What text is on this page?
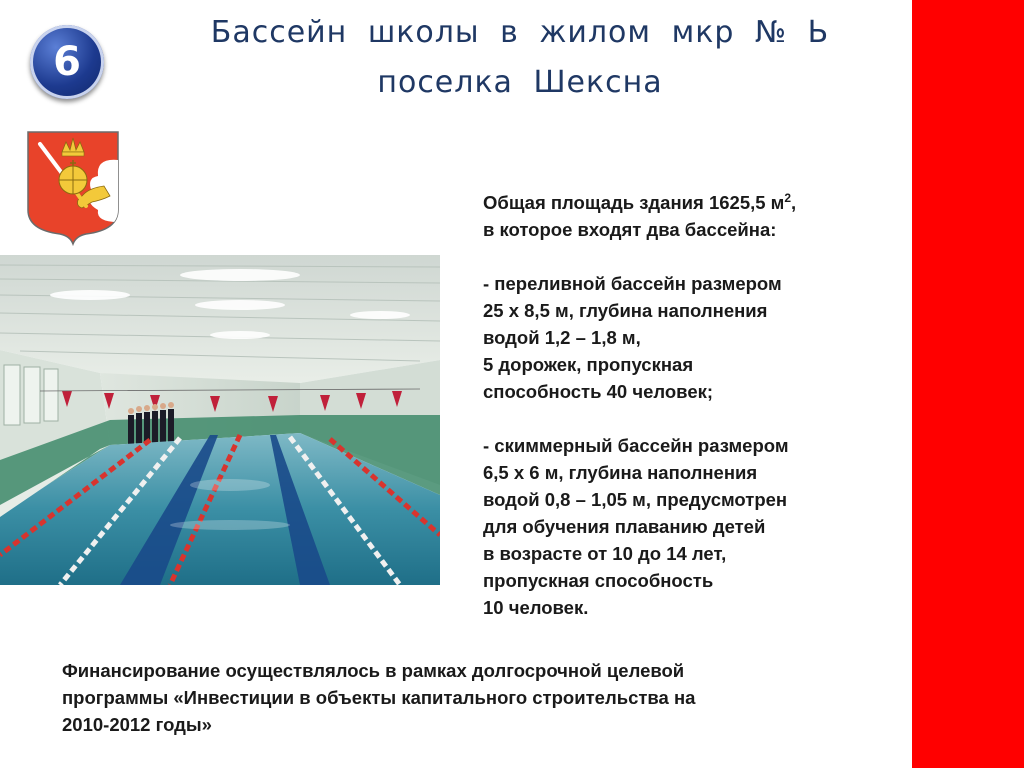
6
Бассейн школы в жилом мкр № Ь
поселка Шексна

Общая площадь здания 1625,5 $м^2$,

в которое входят два бассейна:

- переливной бассейн размером

25 х 8,5 м, глубина наполнения

водой 1,2 – 1,8 м,

5 дорожек, пропускная

способность 40 человек;

- скиммерный бассейн размером

6,5 х 6 м, глубина наполнения

водой 0,8 – 1,05 м, предусмотрен

для обучения плаванию детей

в возрасте от 10 до 14 лет,

пропускная способность

10 человек.

Финансирование осуществлялось в рамках долгосрочной целевой

программы «Инвестиции в объекты капитального строительства на

2010-2012 годы»
